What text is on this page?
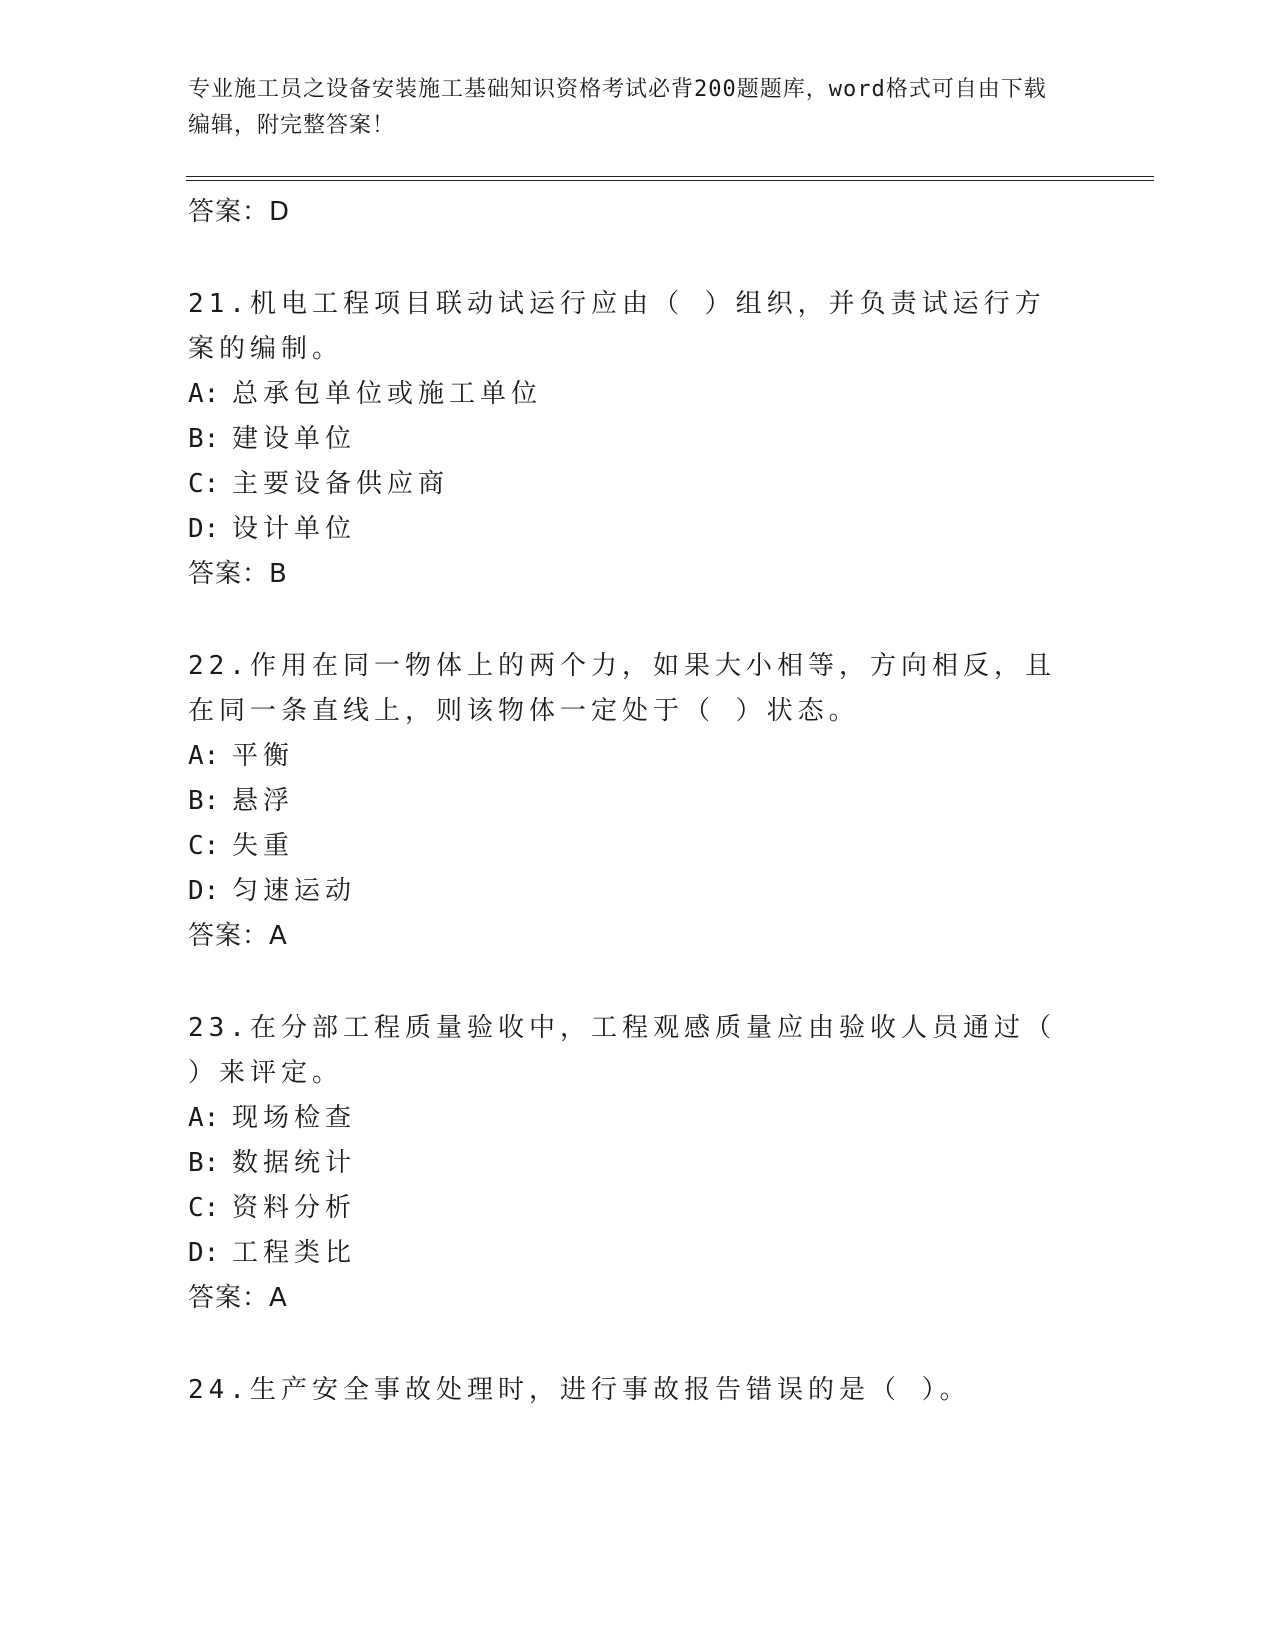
专业施工员之设备安装施工基础知识资格考试必背200题题库，word格式可自由下载编辑，附完整答案！
答案：D
21.机电工程项目联动试运行应由（ ）组织，并负责试运行方案的编制。
A: 总承包单位或施工单位
B: 建设单位
C: 主要设备供应商
D: 设计单位
答案：B
22.作用在同一物体上的两个力，如果大小相等，方向相反，且在同一条直线上，则该物体一定处于（ ）状态。
A: 平衡
B: 悬浮
C: 失重
D: 匀速运动
答案：A
23.在分部工程质量验收中，工程观感质量应由验收人员通过（ ）来评定。
A: 现场检查
B: 数据统计
C: 资料分析
D: 工程类比
答案：A
24.生产安全事故处理时，进行事故报告错误的是（ ）。
